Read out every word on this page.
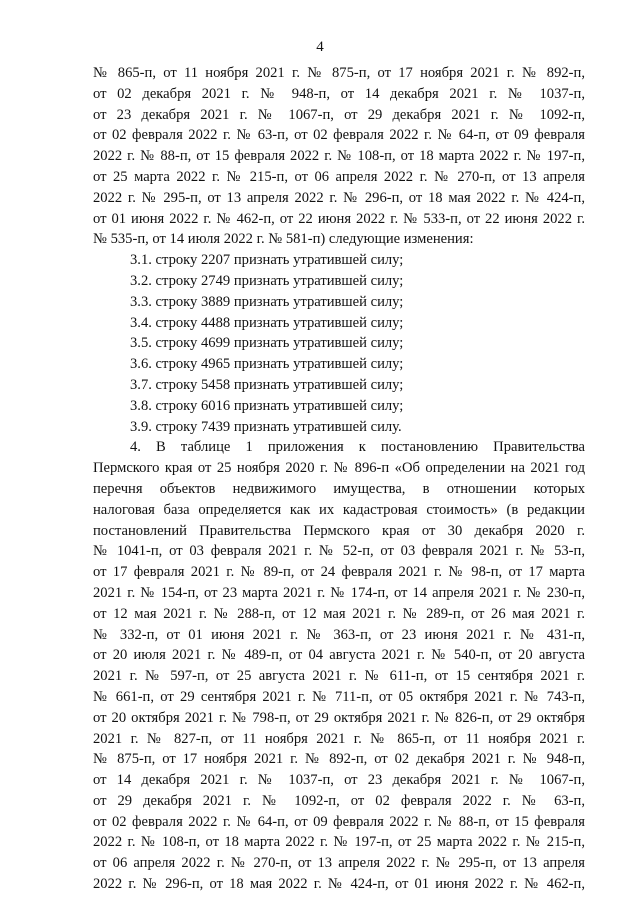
4
№ 865-п, от 11 ноября 2021 г. № 875-п, от 17 ноября 2021 г. № 892-п,
от 02 декабря 2021 г. № 948-п, от 14 декабря 2021 г. № 1037-п,
от 23 декабря 2021 г. № 1067-п, от 29 декабря 2021 г. № 1092-п,
от 02 февраля 2022 г. № 63-п, от 02 февраля 2022 г. № 64-п, от 09 февраля
2022 г. № 88-п, от 15 февраля 2022 г. № 108-п, от 18 марта 2022 г. № 197-п,
от 25 марта 2022 г. № 215-п, от 06 апреля 2022 г. № 270-п, от 13 апреля
2022 г. № 295-п, от 13 апреля 2022 г. № 296-п, от 18 мая 2022 г. № 424-п,
от 01 июня 2022 г. № 462-п, от 22 июня 2022 г. № 533-п, от 22 июня 2022 г.
№ 535-п, от 14 июля 2022 г. № 581-п) следующие изменения:
3.1. строку 2207 признать утратившей силу;
3.2. строку 2749 признать утратившей силу;
3.3. строку 3889 признать утратившей силу;
3.4. строку 4488 признать утратившей силу;
3.5. строку 4699 признать утратившей силу;
3.6. строку 4965 признать утратившей силу;
3.7. строку 5458 признать утратившей силу;
3.8. строку 6016 признать утратившей силу;
3.9. строку 7439 признать утратившей силу.
4. В таблице 1 приложения к постановлению Правительства
Пермского края от 25 ноября 2020 г. № 896-п «Об определении на 2021 год
перечня объектов недвижимого имущества, в отношении которых
налоговая база определяется как их кадастровая стоимость» (в редакции
постановлений Правительства Пермского края от 30 декабря 2020 г.
№ 1041-п, от 03 февраля 2021 г. № 52-п, от 03 февраля 2021 г. № 53-п,
от 17 февраля 2021 г. № 89-п, от 24 февраля 2021 г. № 98-п, от 17 марта
2021 г. № 154-п, от 23 марта 2021 г. № 174-п, от 14 апреля 2021 г. № 230-п,
от 12 мая 2021 г. № 288-п, от 12 мая 2021 г. № 289-п, от 26 мая 2021 г.
№ 332-п, от 01 июня 2021 г. № 363-п, от 23 июня 2021 г. № 431-п,
от 20 июля 2021 г. № 489-п, от 04 августа 2021 г. № 540-п, от 20 августа
2021 г. № 597-п, от 25 августа 2021 г. № 611-п, от 15 сентября 2021 г.
№ 661-п, от 29 сентября 2021 г. № 711-п, от 05 октября 2021 г. № 743-п,
от 20 октября 2021 г. № 798-п, от 29 октября 2021 г. № 826-п, от 29 октября
2021 г. № 827-п, от 11 ноября 2021 г. № 865-п, от 11 ноября 2021 г.
№ 875-п, от 17 ноября 2021 г. № 892-п, от 02 декабря 2021 г. № 948-п,
от 14 декабря 2021 г. № 1037-п, от 23 декабря 2021 г. № 1067-п,
от 29 декабря 2021 г. № 1092-п, от 02 февраля 2022 г. № 63-п,
от 02 февраля 2022 г. № 64-п, от 09 февраля 2022 г. № 88-п, от 15 февраля
2022 г. № 108-п, от 18 марта 2022 г. № 197-п, от 25 марта 2022 г. № 215-п,
от 06 апреля 2022 г. № 270-п, от 13 апреля 2022 г. № 295-п, от 13 апреля
2022 г. № 296-п, от 18 мая 2022 г. № 424-п, от 01 июня 2022 г. № 462-п,
